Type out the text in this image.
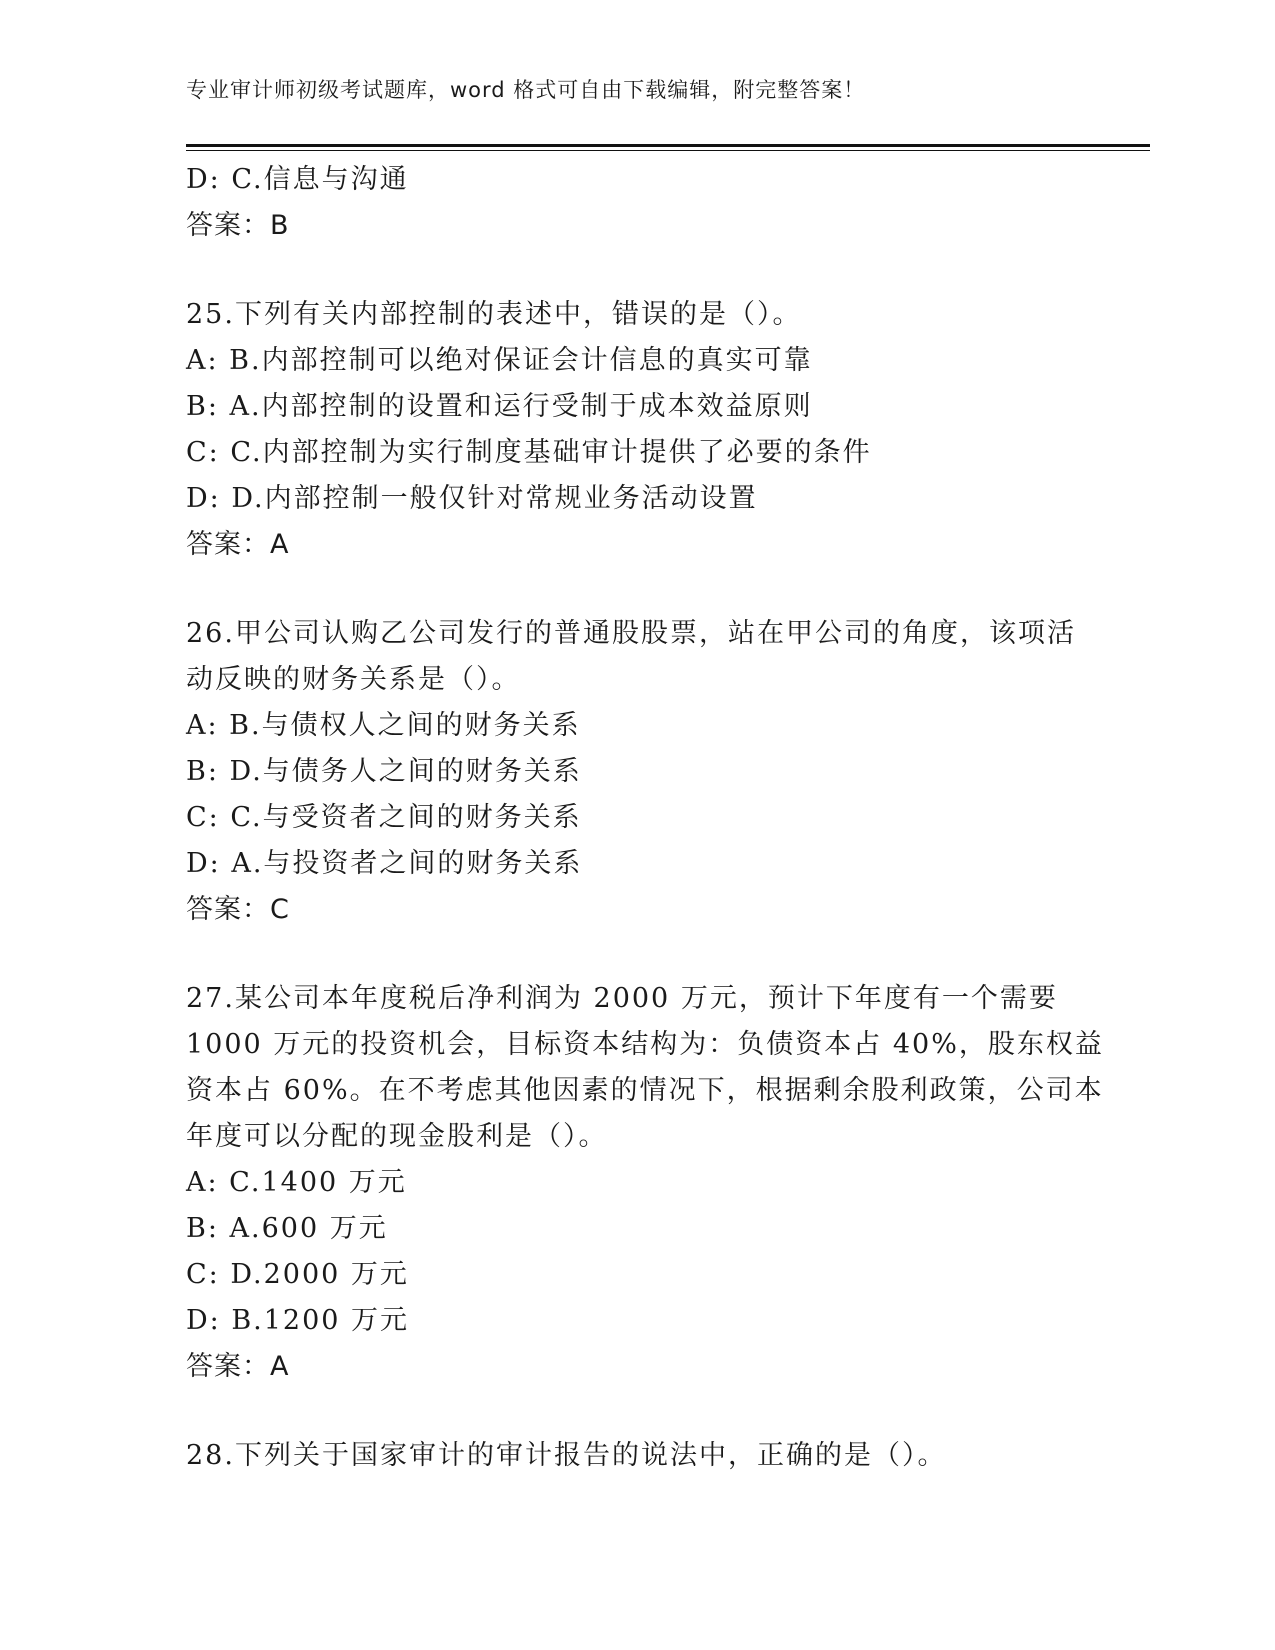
专业审计师初级考试题库，word 格式可自由下载编辑，附完整答案！
D: C.信息与沟通
答案：B
25.下列有关内部控制的表述中，错误的是（）。
A: B.内部控制可以绝对保证会计信息的真实可靠
B: A.内部控制的设置和运行受制于成本效益原则
C: C.内部控制为实行制度基础审计提供了必要的条件
D: D.内部控制一般仅针对常规业务活动设置
答案：A
26.甲公司认购乙公司发行的普通股股票，站在甲公司的角度，该项活
动反映的财务关系是（）。
A: B.与债权人之间的财务关系
B: D.与债务人之间的财务关系
C: C.与受资者之间的财务关系
D: A.与投资者之间的财务关系
答案：C
27.某公司本年度税后净利润为 2000 万元，预计下年度有一个需要
1000 万元的投资机会，目标资本结构为：负债资本占 40%，股东权益
资本占 60%。在不考虑其他因素的情况下，根据剩余股利政策，公司本
年度可以分配的现金股利是（）。
A: C.1400 万元
B: A.600 万元
C: D.2000 万元
D: B.1200 万元
答案：A
28.下列关于国家审计的审计报告的说法中，正确的是（）。
